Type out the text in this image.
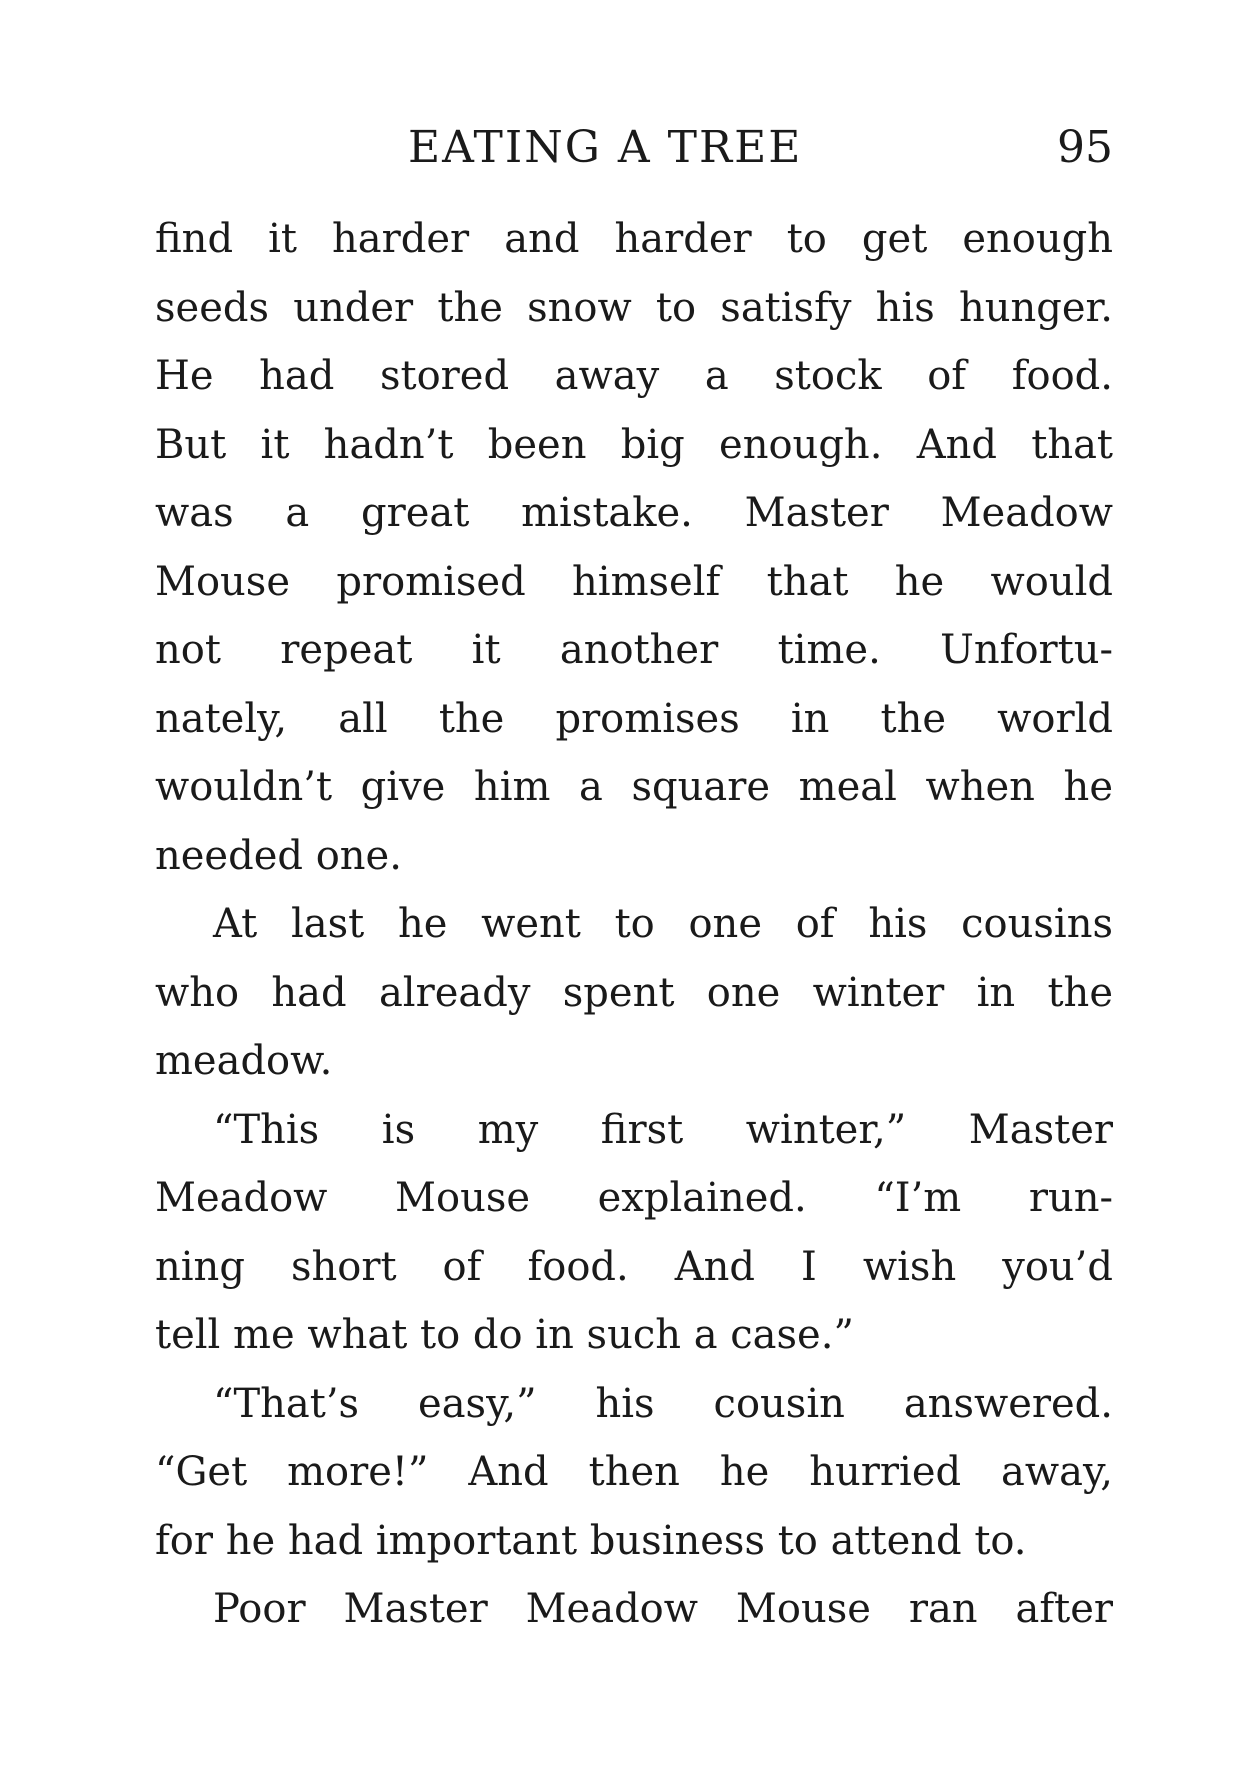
EATING A TREE	95
find it harder and harder to get enough
seeds under the snow to satisfy his hunger.
He had stored away a stock of food.
But it hadn’t been big enough. And that
was a great mistake. Master Meadow
Mouse promised himself that he would
not repeat it another time. Unfortu-
nately, all the promises in the world
wouldn’t give him a square meal when he
needed one.
At last he went to one of his cousins
who had already spent one winter in the
meadow.
“This is my first winter,” Master
Meadow Mouse explained. “I’m run-
ning short of food. And I wish you’d
tell me what to do in such a case.”
“That’s easy,” his cousin answered.
“Get more!” And then he hurried away,
for he had important business to attend to.
Poor Master Meadow Mouse ran after
